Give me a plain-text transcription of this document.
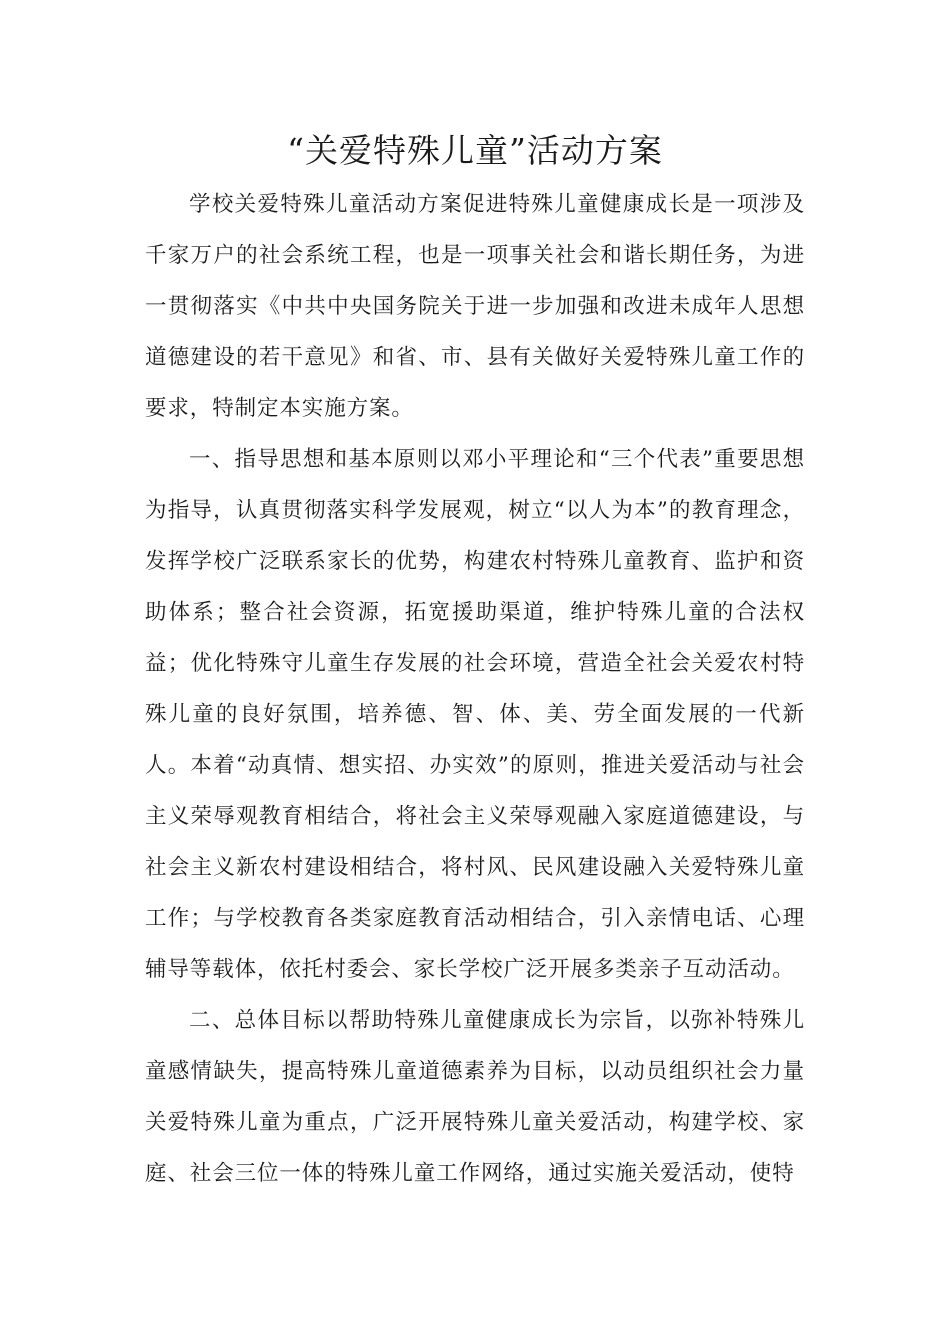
“关爱特殊儿童”活动方案

学校关爱特殊儿童活动方案促进特殊儿童健康成长是一项涉及千家万户的社会系统工程，也是一项事关社会和谐长期任务，为进一贯彻落实《中共中央国务院关于进一步加强和改进未成年人思想道德建设的若干意见》和省、市、县有关做好关爱特殊儿童工作的要求，特制定本实施方案。

一、指导思想和基本原则以邓小平理论和“三个代表”重要思想为指导，认真贯彻落实科学发展观，树立“以人为本”的教育理念，发挥学校广泛联系家长的优势，构建农村特殊儿童教育、监护和资助体系；整合社会资源，拓宽援助渠道，维护特殊儿童的合法权益；优化特殊守儿童生存发展的社会环境，营造全社会关爱农村特殊儿童的良好氛围，培养德、智、体、美、劳全面发展的一代新人。本着“动真情、想实招、办实效”的原则，推进关爱活动与社会主义荣辱观教育相结合，将社会主义荣辱观融入家庭道德建设，与社会主义新农村建设相结合，将村风、民风建设融入关爱特殊儿童工作；与学校教育各类家庭教育活动相结合，引入亲情电话、心理辅导等载体，依托村委会、家长学校广泛开展多类亲子互动活动。

二、总体目标以帮助特殊儿童健康成长为宗旨，以弥补特殊儿童感情缺失，提高特殊儿童道德素养为目标，以动员组织社会力量关爱特殊儿童为重点，广泛开展特殊儿童关爱活动，构建学校、家庭、社会三位一体的特殊儿童工作网络，通过实施关爱活动，使特
